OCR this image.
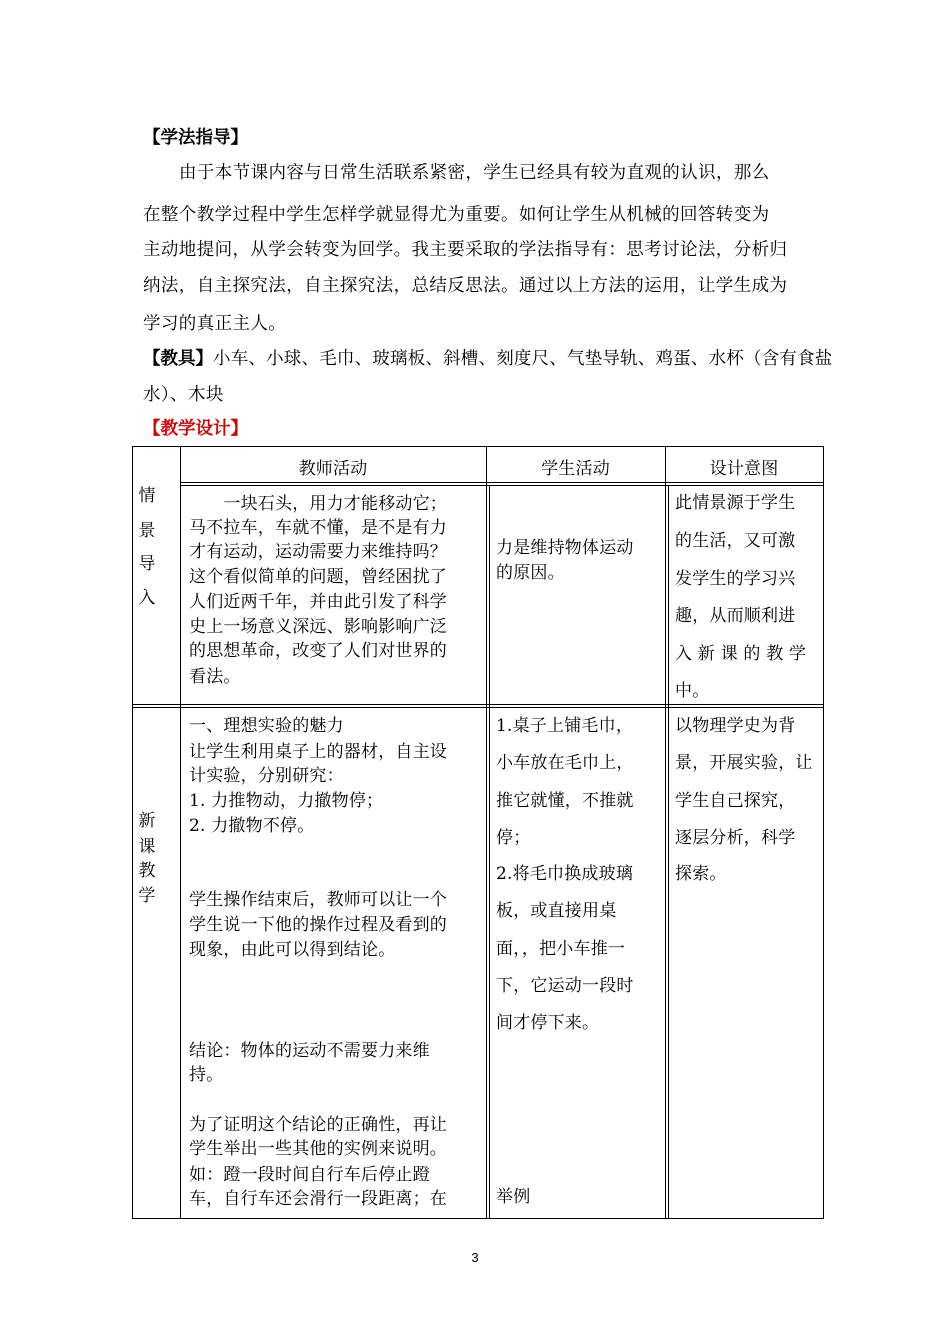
【学法指导】
由于本节课内容与日常生活联系紧密，学生已经具有较为直观的认识，那么
在整个教学过程中学生怎样学就显得尤为重要。如何让学生从机械的回答转变为
主动地提问，从学会转变为回学。我主要采取的学法指导有：思考讨论法，分析归
纳法，自主探究法，自主探究法，总结反思法。通过以上方法的运用，让学生成为
学习的真正主人。
【教具】小车、小球、毛巾、玻璃板、斜槽、刻度尺、气垫导轨、鸡蛋、水杯（含有食盐
水）、木块
【教学设计】
教师活动	学生活动	设计意图
情
景
导
入
　　一块石头，用力才能移动它；
马不拉车，车就不懂，是不是有力
才有运动，运动需要力来维持吗？
这个看似简单的问题，曾经困扰了
人们近两千年，并由此引发了科学
史上一场意义深远、影响影响广泛
的思想革命，改变了人们对世界的
看法。
力是维持物体运动
的原因。
此情景源于学生
的生活，又可激
发学生的学习兴
趣，从而顺利进
入 新 课 的 教 学
中。
新
课
教
学
一、理想实验的魅力
让学生利用桌子上的器材，自主设
计实验，分别研究：
1. 力推物动，力撤物停；
2. 力撤物不停。
学生操作结束后，教师可以让一个
学生说一下他的操作过程及看到的
现象，由此可以得到结论。
结论：物体的运动不需要力来维
持。
为了证明这个结论的正确性，再让
学生举出一些其他的实例来说明。
如：蹬一段时间自行车后停止蹬
车，自行车还会滑行一段距离；在
1.桌子上铺毛巾，
小车放在毛巾上，
推它就懂，不推就
停；
2.将毛巾换成玻璃
板，或直接用桌
面，，把小车推一
下，它运动一段时
间才停下来。
举例
以物理学史为背
景，开展实验，让
学生自己探究，
逐层分析，科学
探索。
3
